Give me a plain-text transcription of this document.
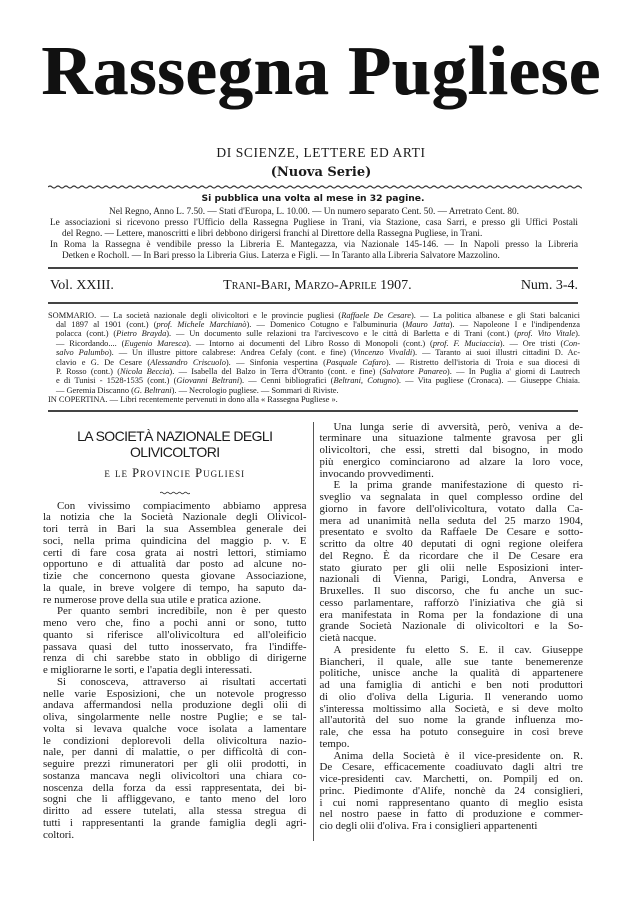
Rassegna Pugliese
DI SCIENZE, LETTERE ED ARTI
(Nuova Serie)
Si pubblica una volta al mese in 32 pagine.
Nel Regno, Anno L. 7.50. — Stati d'Europa, L. 10.00. — Un numero separato Cent. 50. — Arretrato Cent. 80.
Le associazioni si ricevono presso l'Ufficio della Rassegna Pugliese in Trani, via Stazione, casa Sarri, e presso gli Uffici Postali
del Regno. — Lettere, manoscritti e libri debbono dirigersi franchi al Direttore della Rassegna Pugliese, in Trani.
In Roma la Rassegna è vendibile presso la Libreria E. Mantegazza, via Nazionale 145-146. — In Napoli presso la Libreria
Detken e Rocholl. — In Bari presso la Libreria Gius. Laterza e Figli. — In Taranto alla Libreria Salvatore Mazzolino.
Vol. XXIII.	Trani-Bari, Marzo-Aprile 1907.	Num. 3-4.
SOMMARIO. — La società nazionale degli olivicoltori e le provincie pugliesi (Raffaele De Cesare). — La politica albanese e gli Stati balcanici
dal 1897 al 1901 (cont.) (prof. Michele Marchianò). — Domenico Cotugno e l'albuminuria (Mauro Jatta). — Napoleone I e l'indipendenza
polacca (cont.) (Pietro Brayda). — Un documento sulle relazioni tra l'arcivescovo e le città di Barletta e di Trani (cont.) (prof. Vito Vitale).
— Ricordando.... (Eugenio Maresca). — Intorno ai documenti del Libro Rosso di Monopoli (cont.) (prof. F. Muciaccia). — Ore tristi (Con-
salvo Palumbo). — Un illustre pittore calabrese: Andrea Cefaly (cont. e fine) (Vincenzo Vivaldi). — Taranto ai suoi illustri cittadini D. Ac-
clavio e G. De Cesare (Alessandro Criscuolo). — Sinfonia vespertina (Pasquale Cafaro). — Ristretto dell'istoria di Troia e sua diocesi di
P. Rosso (cont.) (Nicola Beccia). — Isabella del Balzo in Terra d'Otranto (cont. e fine) (Salvatore Panareo). — In Puglia a' giorni di Lautrech
e di Tunisi - 1528-1535 (cont.) (Giovanni Beltrani). — Cenni bibliografici (Beltrani, Cotugno). — Vita pugliese (Cronaca). — Giuseppe Chiaia.
— Geremia Discanno (G. Beltrani). — Necrologio pugliese. — Sommari di Riviste.
IN COPERTINA. — Libri recentemente pervenuti in dono alla « Rassegna Pugliese ».
LA SOCIETÀ NAZIONALE DEGLI OLIVICOLTORI
e le Provincie Pugliesi
Con vivissimo compiacimento abbiamo appresa
la notizia che la Società Nazionale degli Olivicol-
tori terrà in Bari la sua Assemblea generale dei
soci, nella prima quindicina del maggio p. v. E
certi di fare cosa grata ai nostri lettori, stimiamo
opportuno e di attualità dar posto ad alcune no-
tizie che concernono questa giovane Associazione,
la quale, in breve volgere di tempo, ha saputo da-
re numerose prove della sua utile e pratica azione.
Per quanto sembri incredibile, non è per questo
meno vero che, fino a pochi anni or sono, tutto
quanto si riferisce all'olivicoltura ed all'oleificio
passava quasi del tutto inosservato, fra l'indiffe-
renza di chi sarebbe stato in obbligo di dirigerne
e migliorarne le sorti, e l'apatia degli interessati.
Si conosceva, attraverso ai risultati accertati
nelle varie Esposizioni, che un notevole progresso
andava affermandosi nella produzione degli olii di
oliva, singolarmente nelle nostre Puglie; e se tal-
volta si levava qualche voce isolata a lamentare
le condizioni deplorevoli della olivicoltura nazio-
nale, per danni di malattie, o per difficoltà di con-
seguire prezzi rimuneratori per gli olii prodotti, in
sostanza mancava negli olivicoltori una chiara co-
noscenza della forza da essi rappresentata, dei bi-
sogni che li affliggevano, e tanto meno del loro
diritto ad essere tutelati, alla stessa stregua di
tutti i rappresentanti la grande famiglia degli agri-
coltori.
Una lunga serie di avversità, però, veniva a de-
terminare una situazione talmente gravosa per gli
olivicoltori, che essi, stretti dal bisogno, in modo
più energico cominciarono ad alzare la loro voce,
invocando provvedimenti.
E la prima grande manifestazione di questo ri-
sveglio va segnalata in quel complesso ordine del
giorno in favore dell'olivicoltura, votato dalla Ca-
mera ad unanimità nella seduta del 25 marzo 1904,
presentato e svolto da Raffaele De Cesare e sotto-
scritto da oltre 40 deputati di ogni regione oleifera
del Regno. È da ricordare che il De Cesare era
stato giurato per gli olii nelle Esposizioni inter-
nazionali di Vienna, Parigi, Londra, Anversa e
Bruxelles. Il suo discorso, che fu anche un suc-
cesso parlamentare, rafforzò l'iniziativa che già si
era manifestata in Roma per la fondazione di una
grande Società Nazionale di olivicoltori e la So-
cietà nacque.
A presidente fu eletto S. E. il cav. Giuseppe
Biancheri, il quale, alle sue tante benemerenze
politiche, unisce anche la qualità di appartenere
ad una famiglia di antichi e ben noti produttori
di olio d'oliva della Liguria. Il venerando uomo
s'interessa moltissimo alla Società, e si deve molto
all'autorità del suo nome la grande influenza mo-
rale, che essa ha potuto conseguire in così breve
tempo.
Anima della Società è il vice-presidente on. R.
De Cesare, efficacemente coadiuvato dagli altri tre
vice-presidenti cav. Marchetti, on. Pompilj ed on.
princ. Piedimonte d'Alife, nonchè da 24 consiglieri,
i cui nomi rappresentano quanto di meglio esista
nel nostro paese in fatto di produzione e commer-
cio degli olii d'oliva. Fra i consiglieri appartenenti
